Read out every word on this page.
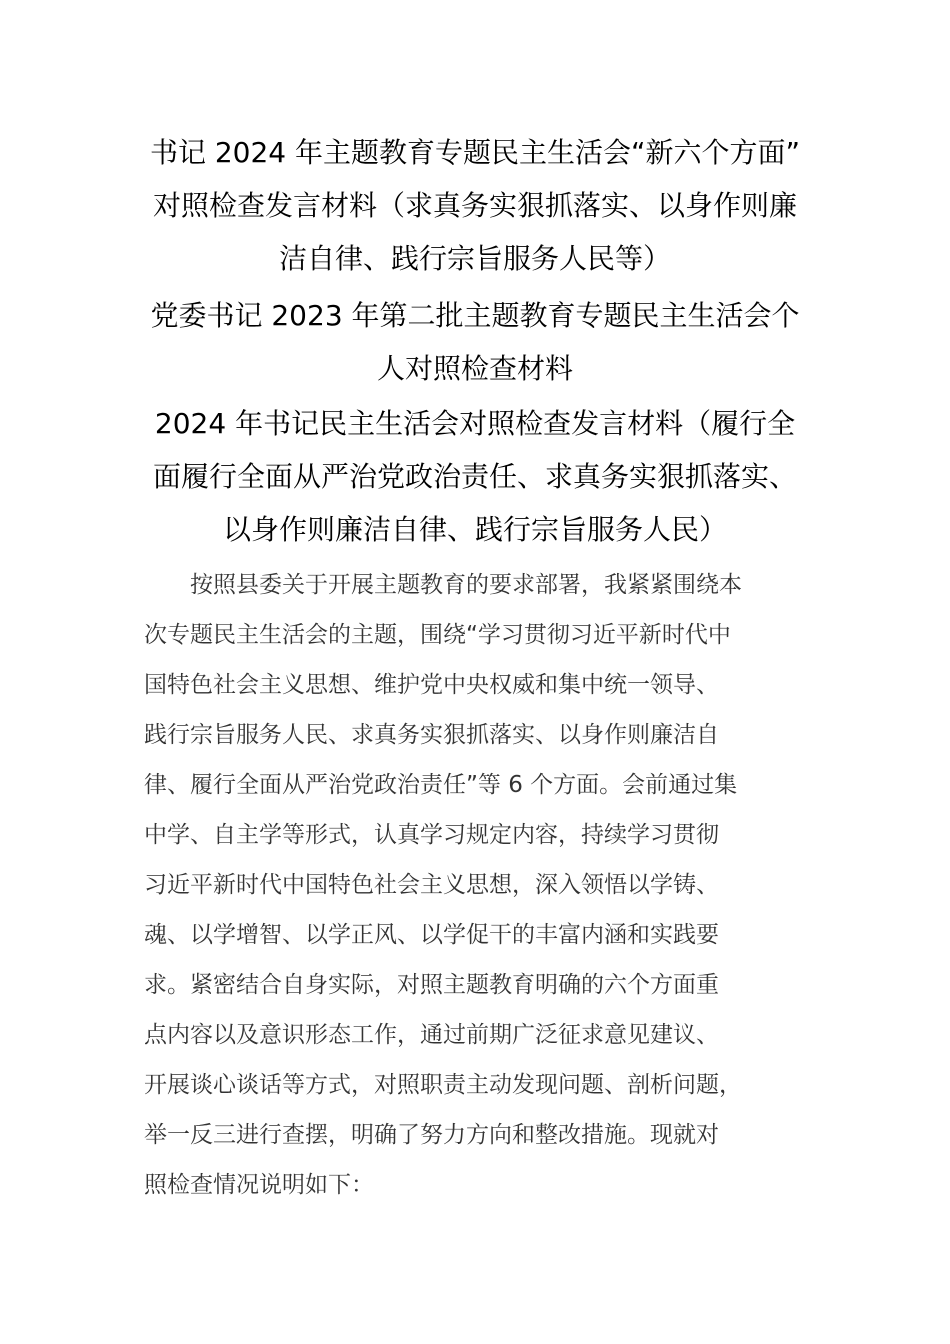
书记 2024 年主题教育专题民主生活会“新六个方面”
对照检查发言材料（求真务实狠抓落实、以身作则廉
洁自律、践行宗旨服务人民等）
党委书记 2023 年第二批主题教育专题民主生活会个
人对照检查材料
2024 年书记民主生活会对照检查发言材料（履行全
面履行全面从严治党政治责任、求真务实狠抓落实、
以身作则廉洁自律、践行宗旨服务人民）
按照县委关于开展主题教育的要求部署，我紧紧围绕本
次专题民主生活会的主题，围绕“学习贯彻习近平新时代中
国特色社会主义思想、维护党中央权威和集中统一领导、
践行宗旨服务人民、求真务实狠抓落实、以身作则廉洁自
律、履行全面从严治党政治责任”等 6 个方面。会前通过集
中学、自主学等形式，认真学习规定内容，持续学习贯彻
习近平新时代中国特色社会主义思想，深入领悟以学铸、
魂、以学增智、以学正风、以学促干的丰富内涵和实践要
求。紧密结合自身实际，对照主题教育明确的六个方面重
点内容以及意识形态工作，通过前期广泛征求意见建议、
开展谈心谈话等方式，对照职责主动发现问题、剖析问题，
举一反三进行查摆，明确了努力方向和整改措施。现就对
照检查情况说明如下：
